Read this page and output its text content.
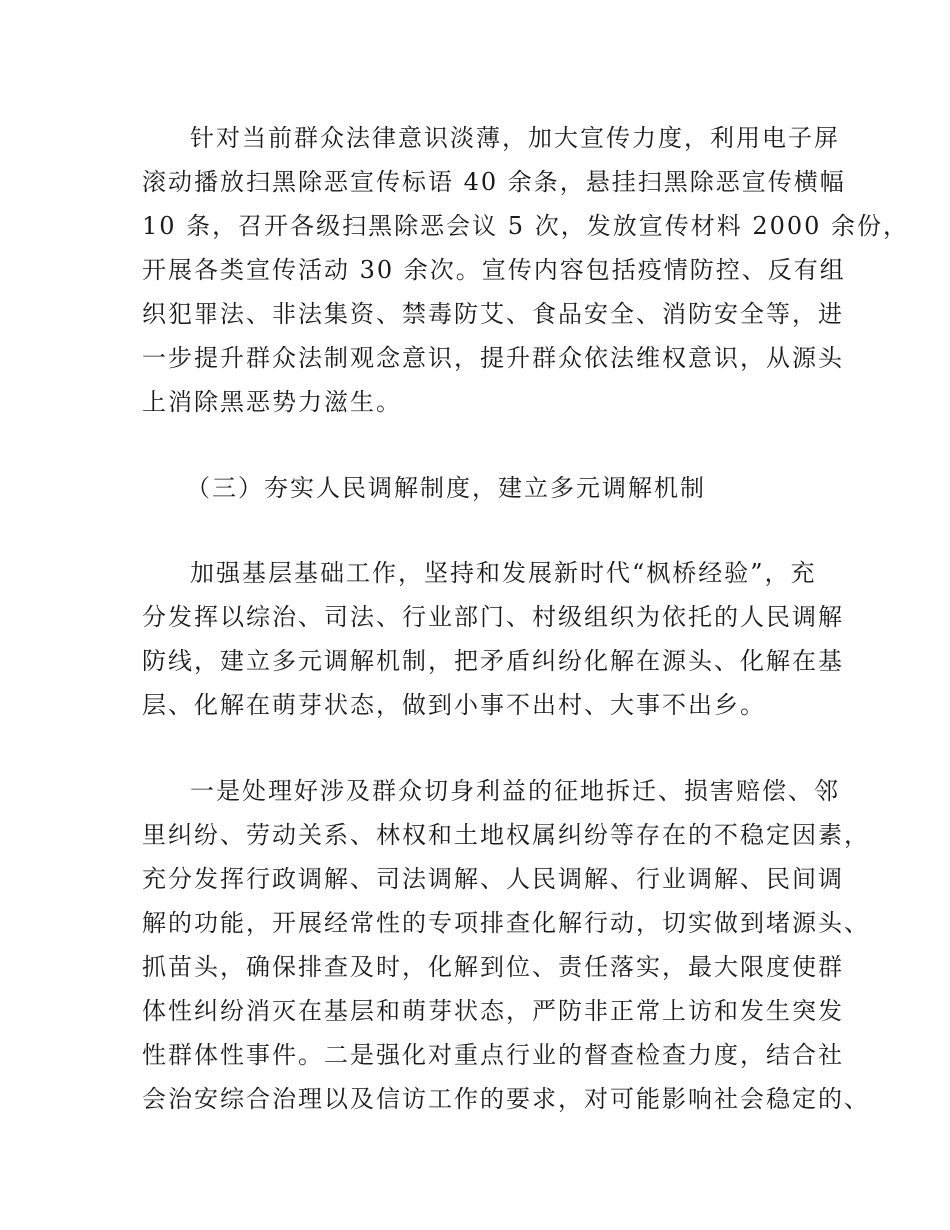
针对当前群众法律意识淡薄，加大宣传力度，利用电子屏
滚动播放扫黑除恶宣传标语 40 余条，悬挂扫黑除恶宣传横幅
10 条，召开各级扫黑除恶会议 5 次，发放宣传材料 2000 余份，
开展各类宣传活动 30 余次。宣传内容包括疫情防控、反有组
织犯罪法、非法集资、禁毒防艾、食品安全、消防安全等，进
一步提升群众法制观念意识，提升群众依法维权意识，从源头
上消除黑恶势力滋生。
（三）夯实人民调解制度，建立多元调解机制
加强基层基础工作，坚持和发展新时代“枫桥经验”，充
分发挥以综治、司法、行业部门、村级组织为依托的人民调解
防线，建立多元调解机制，把矛盾纠纷化解在源头、化解在基
层、化解在萌芽状态，做到小事不出村、大事不出乡。
一是处理好涉及群众切身利益的征地拆迁、损害赔偿、邻
里纠纷、劳动关系、林权和土地权属纠纷等存在的不稳定因素，
充分发挥行政调解、司法调解、人民调解、行业调解、民间调
解的功能，开展经常性的专项排查化解行动，切实做到堵源头、
抓苗头，确保排查及时，化解到位、责任落实，最大限度使群
体性纠纷消灭在基层和萌芽状态，严防非正常上访和发生突发
性群体性事件。二是强化对重点行业的督查检查力度，结合社
会治安综合治理以及信访工作的要求，对可能影响社会稳定的、
